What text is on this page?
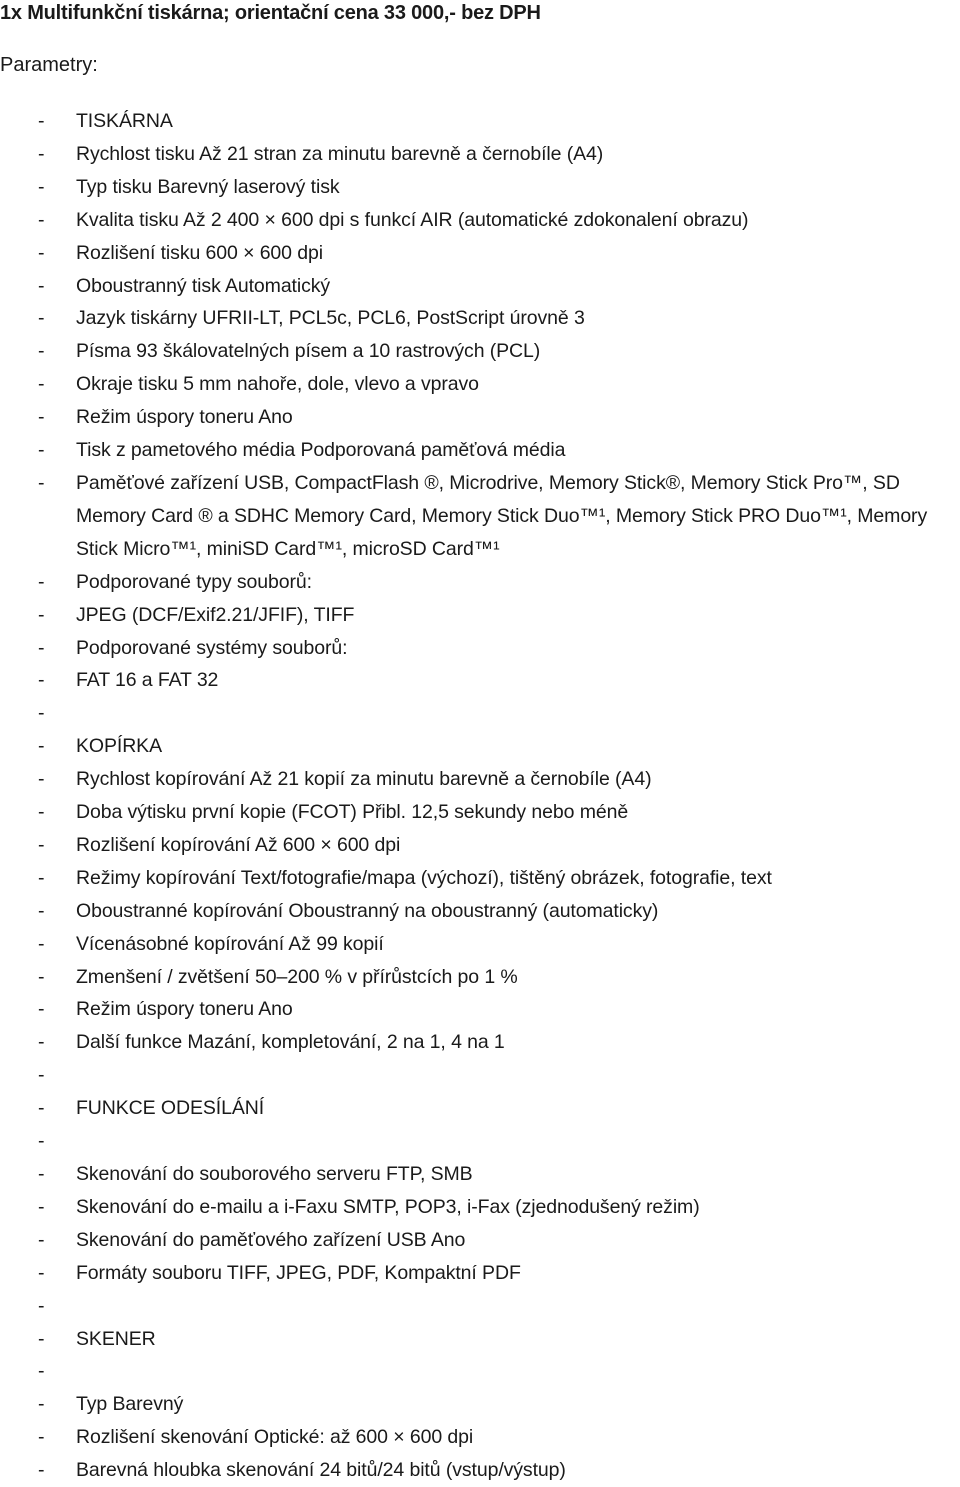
1x Multifunkční tiskárna; orientační cena 33 000,- bez DPH
Parametry:
-	TISKÁRNA
-	Rychlost tisku Až 21 stran za minutu barevně a černobíle (A4)
-	Typ tisku Barevný laserový tisk
-	Kvalita tisku Až 2 400 × 600 dpi s funkcí AIR (automatické zdokonalení obrazu)
-	Rozlišení tisku 600 × 600 dpi
-	Oboustranný tisk Automatický
-	Jazyk tiskárny UFRII-LT, PCL5c, PCL6, PostScript úrovně 3
-	Písma 93 škálovatelných písem a 10 rastrových (PCL)
-	Okraje tisku 5 mm nahoře, dole, vlevo a vpravo
-	Režim úspory toneru Ano
-	Tisk z pametového média Podporovaná paměťová média
-	Paměťové zařízení USB, CompactFlash ®, Microdrive, Memory Stick®, Memory Stick Pro™, SD Memory Card ® a SDHC Memory Card, Memory Stick Duo™¹, Memory Stick PRO Duo™¹, Memory Stick Micro™¹, miniSD Card™¹, microSD Card™¹
-	Podporované typy souborů:
-	JPEG (DCF/Exif2.21/JFIF), TIFF
-	Podporované systémy souborů:
-	FAT 16 a FAT 32
-
-	KOPÍRKA
-	Rychlost kopírování Až 21 kopií za minutu barevně a černobíle (A4)
-	Doba výtisku první kopie (FCOT) Přibl. 12,5 sekundy nebo méně
-	Rozlišení kopírování Až 600 × 600 dpi
-	Režimy kopírování Text/fotografie/mapa (výchozí), tištěný obrázek, fotografie, text
-	Oboustranné kopírování Oboustranný na oboustranný (automaticky)
-	Vícenásobné kopírování Až 99 kopií
-	Zmenšení / zvětšení 50–200 % v přírůstcích po 1 %
-	Režim úspory toneru Ano
-	Další funkce Mazání, kompletování, 2 na 1, 4 na 1
-
-	FUNKCE ODESÍLÁNÍ
-
-	Skenování do souborového serveru FTP, SMB
-	Skenování do e-mailu a i-Faxu SMTP, POP3, i-Fax (zjednodušený režim)
-	Skenování do paměťového zařízení USB Ano
-	Formáty souboru TIFF, JPEG, PDF, Kompaktní PDF
-
-	SKENER
-
-	Typ Barevný
-	Rozlišení skenování Optické: až 600 × 600 dpi
-	Barevná hloubka skenování 24 bitů/24 bitů (vstup/výstup)
